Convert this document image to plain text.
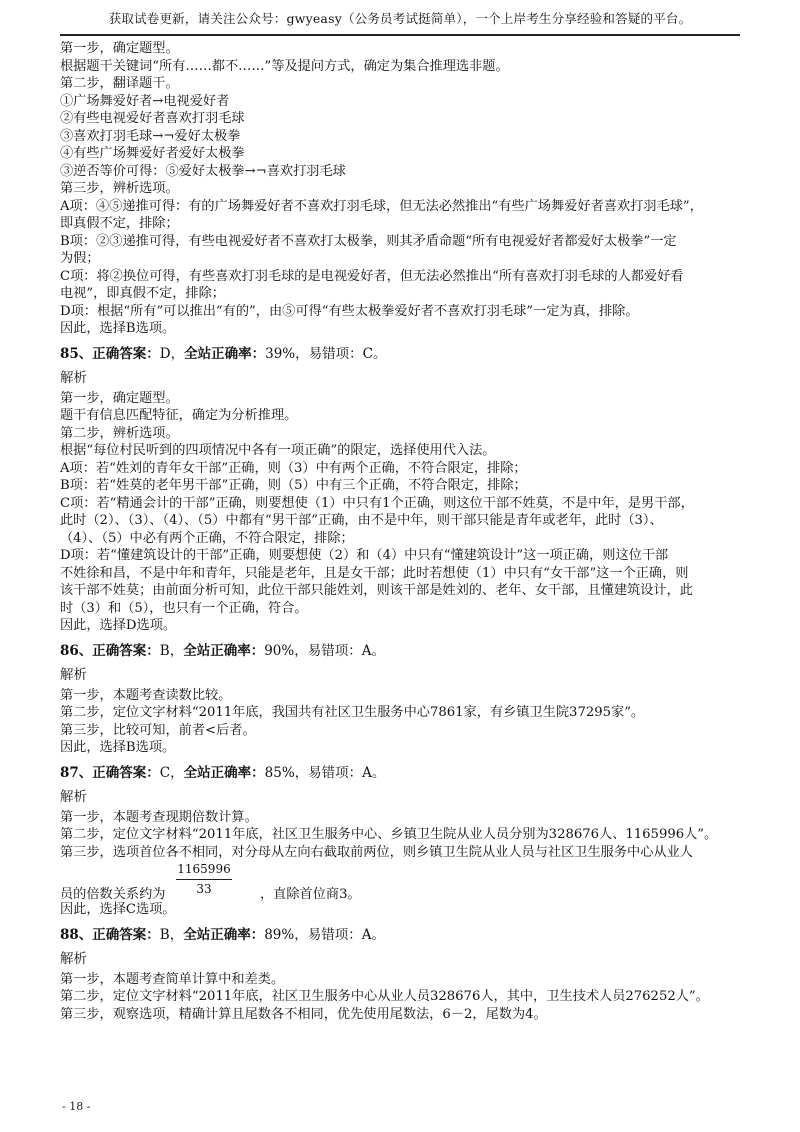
获取试卷更新，请关注公众号：gwyeasy（公务员考试挺简单），一个上岸考生分享经验和答疑的平台。
第一步，确定题型。
根据题干关键词“所有……都不……”等及提问方式，确定为集合推理选非题。
第二步，翻译题干。
①广场舞爱好者→电视爱好者
②有些电视爱好者喜欢打羽毛球
③喜欢打羽毛球→¬爱好太极拳
④有些广场舞爱好者爱好太极拳
③逆否等价可得：⑤爱好太极拳→¬喜欢打羽毛球
第三步，辨析选项。
A项：④⑤递推可得：有的广场舞爱好者不喜欢打羽毛球，但无法必然推出“有些广场舞爱好者喜欢打羽毛球”，
即真假不定，排除；
B项：②③递推可得，有些电视爱好者不喜欢打太极拳，则其矛盾命题“所有电视爱好者都爱好太极拳”一定
为假；
C项：将②换位可得，有些喜欢打羽毛球的是电视爱好者，但无法必然推出“所有喜欢打羽毛球的人都爱好看
电视”，即真假不定，排除；
D项：根据“所有”可以推出“有的”，由⑤可得“有些太极拳爱好者不喜欢打羽毛球”一定为真，排除。
因此，选择B选项。
85、正确答案：D，全站正确率：39%，易错项：C。
解析
第一步，确定题型。
题干有信息匹配特征，确定为分析推理。
第二步，辨析选项。
根据“每位村民听到的四项情况中各有一项正确”的限定，选择使用代入法。
A项：若“姓刘的青年女干部”正确，则（3）中有两个正确，不符合限定，排除；
B项：若“姓莫的老年男干部”正确，则（5）中有三个正确，不符合限定，排除；
C项：若“精通会计的干部”正确，则要想使（1）中只有1个正确，则这位干部不姓莫，不是中年，是男干部，
此时（2）、（3）、（4）、（5）中都有“男干部”正确，由不是中年，则干部只能是青年或老年，此时（3）、
（4）、（5）中必有两个正确，不符合限定，排除；
D项：若“懂建筑设计的干部”正确，则要想使（2）和（4）中只有“懂建筑设计”这一项正确，则这位干部
不姓徐和昌，不是中年和青年，只能是老年，且是女干部；此时若想使（1）中只有“女干部”这一个正确，则
该干部不姓莫；由前面分析可知，此位干部只能姓刘，则该干部是姓刘的、老年、女干部，且懂建筑设计，此
时（3）和（5），也只有一个正确，符合。
因此，选择D选项。
86、正确答案：B，全站正确率：90%，易错项：A。
解析
第一步，本题考查读数比较。
第二步，定位文字材料“2011年底，我国共有社区卫生服务中心7861家，有乡镇卫生院37295家”。
第三步，比较可知，前者<后者。
因此，选择B选项。
87、正确答案：C，全站正确率：85%，易错项：A。
解析
第一步，本题考查现期倍数计算。
第二步，定位文字材料“2011年底，社区卫生服务中心、乡镇卫生院从业人员分别为328676人、1165996人”。
第三步，选项首位各不相同，对分母从左向右截取前两位，则乡镇卫生院从业人员与社区卫生服务中心从业人
员的倍数关系约为
1165996
33	，直除首位商3。
因此，选择C选项。
88、正确答案：B，全站正确率：89%，易错项：A。
解析
第一步，本题考查简单计算中和差类。
第二步，定位文字材料“2011年底，社区卫生服务中心从业人员328676人，其中，卫生技术人员276252人”。
第三步，观察选项，精确计算且尾数各不相同，优先使用尾数法，6－2，尾数为4。
- 18 -
